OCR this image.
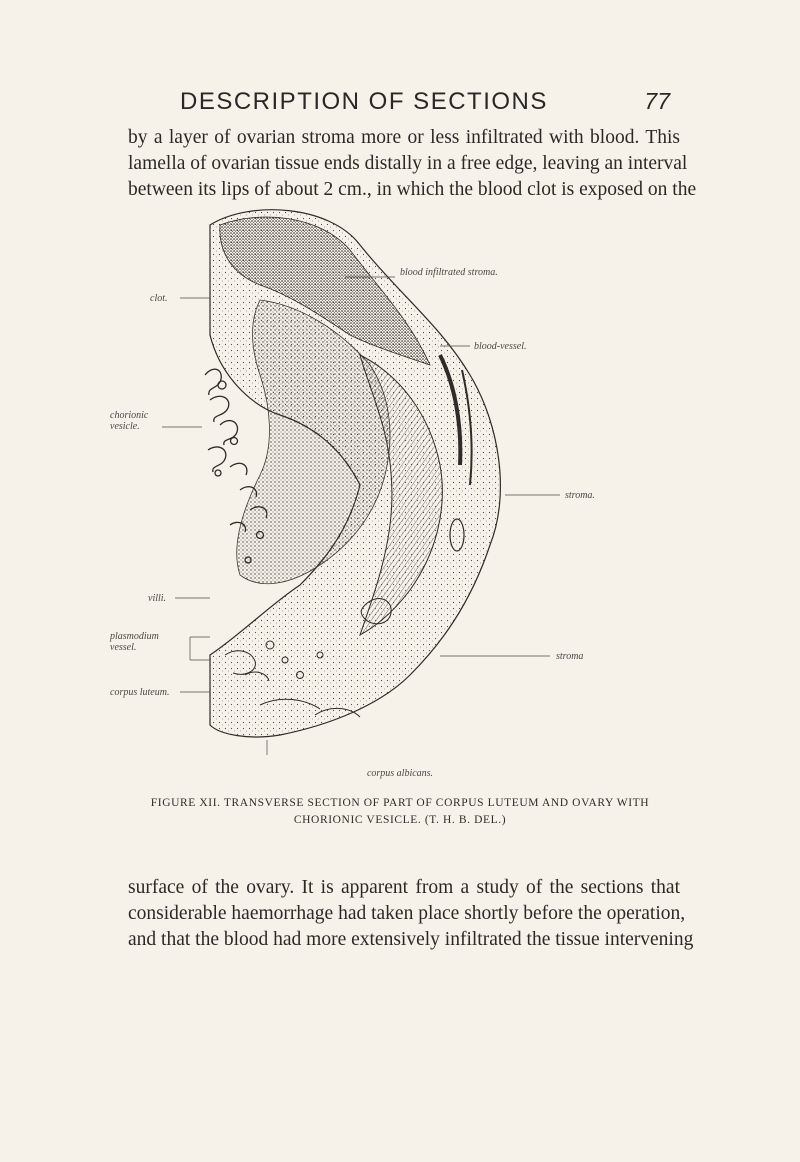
DESCRIPTION OF SECTIONS	77
by a layer of ovarian stroma more or less infiltrated with blood. This
lamella of ovarian tissue ends distally in a free edge, leaving an interval
between its lips of about 2 cm., in which the blood clot is exposed on the
blood infiltrated stroma.
clot.
blood-vessel.
chorionic vesicle.
stroma.
villi.
plasmodium vessel.
stroma
corpus luteum.
corpus albicans.
FIGURE XII. TRANSVERSE SECTION OF PART OF CORPUS LUTEUM AND OVARY WITH
CHORIONIC VESICLE. (T. H. B. DEL.)
surface of the ovary. It is apparent from a study of the sections that
considerable haemorrhage had taken place shortly before the operation,
and that the blood had more extensively infiltrated the tissue intervening
